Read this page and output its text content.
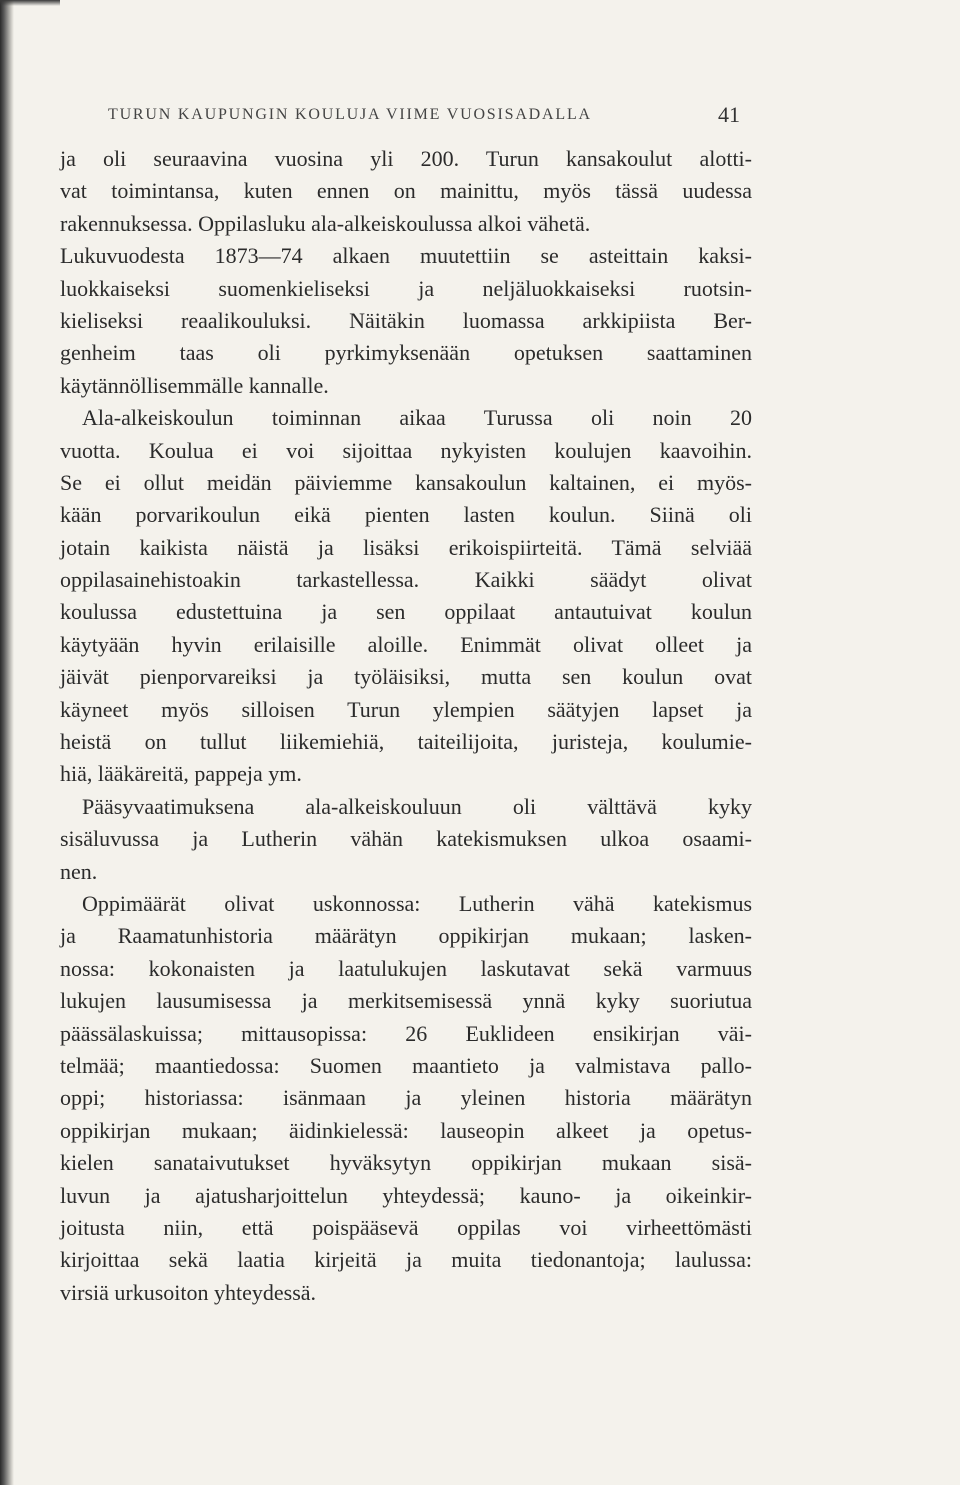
TURUN KAUPUNGIN KOULUJA VIIME VUOSISADALLA	41
ja oli seuraavina vuosina yli 200. Turun kansakoulut alotti-
vat toimintansa, kuten ennen on mainittu, myös tässä uudessa
rakennuksessa. Oppilasluku ala-alkeiskoulussa alkoi vähetä.
Lukuvuodesta 1873—74 alkaen muutettiin se asteittain kaksi-
luokkaiseksi suomenkieliseksi ja neljäluokkaiseksi ruotsin-
kieliseksi reaalikouluksi. Näitäkin luomassa arkkipiista Ber-
genheim taas oli pyrkimyksenään opetuksen saattaminen
käytännöllisemmälle kannalle.
Ala-alkeiskoulun toiminnan aikaa Turussa oli noin 20
vuotta. Koulua ei voi sijoittaa nykyisten koulujen kaavoihin.
Se ei ollut meidän päiviemme kansakoulun kaltainen, ei myös-
kään porvarikoulun eikä pienten lasten koulun. Siinä oli
jotain kaikista näistä ja lisäksi erikoispiirteitä. Tämä selviää
oppilasainehistoakin tarkastellessa. Kaikki säädyt olivat
koulussa edustettuina ja sen oppilaat antautuivat koulun
käytyään hyvin erilaisille aloille. Enimmät olivat olleet ja
jäivät pienporvareiksi ja työläisiksi, mutta sen koulun ovat
käyneet myös silloisen Turun ylempien säätyjen lapset ja
heistä on tullut liikemiehiä, taiteilijoita, juristeja, koulumie-
hiä, lääkäreitä, pappeja ym.
Pääsyvaatimuksena ala-alkeiskouluun oli välttävä kyky
sisäluvussa ja Lutherin vähän katekismuksen ulkoa osaami-
nen.
Oppimäärät olivat uskonnossa: Lutherin vähä katekismus
ja Raamatunhistoria määrätyn oppikirjan mukaan; lasken-
nossa: kokonaisten ja laatulukujen laskutavat sekä varmuus
lukujen lausumisessa ja merkitsemisessä ynnä kyky suoriutua
päässälaskuissa; mittausopissa: 26 Euklideen ensikirjan väi-
telmää; maantiedossa: Suomen maantieto ja valmistava pallo-
oppi; historiassa: isänmaan ja yleinen historia määrätyn
oppikirjan mukaan; äidinkielessä: lauseopin alkeet ja opetus-
kielen sanataivutukset hyväksytyn oppikirjan mukaan sisä-
luvun ja ajatusharjoittelun yhteydessä; kauno- ja oikeinkir-
joitusta niin, että poispääsevä oppilas voi virheettömästi
kirjoittaa sekä laatia kirjeitä ja muita tiedonantoja; laulussa:
virsiä urkusoiton yhteydessä.
